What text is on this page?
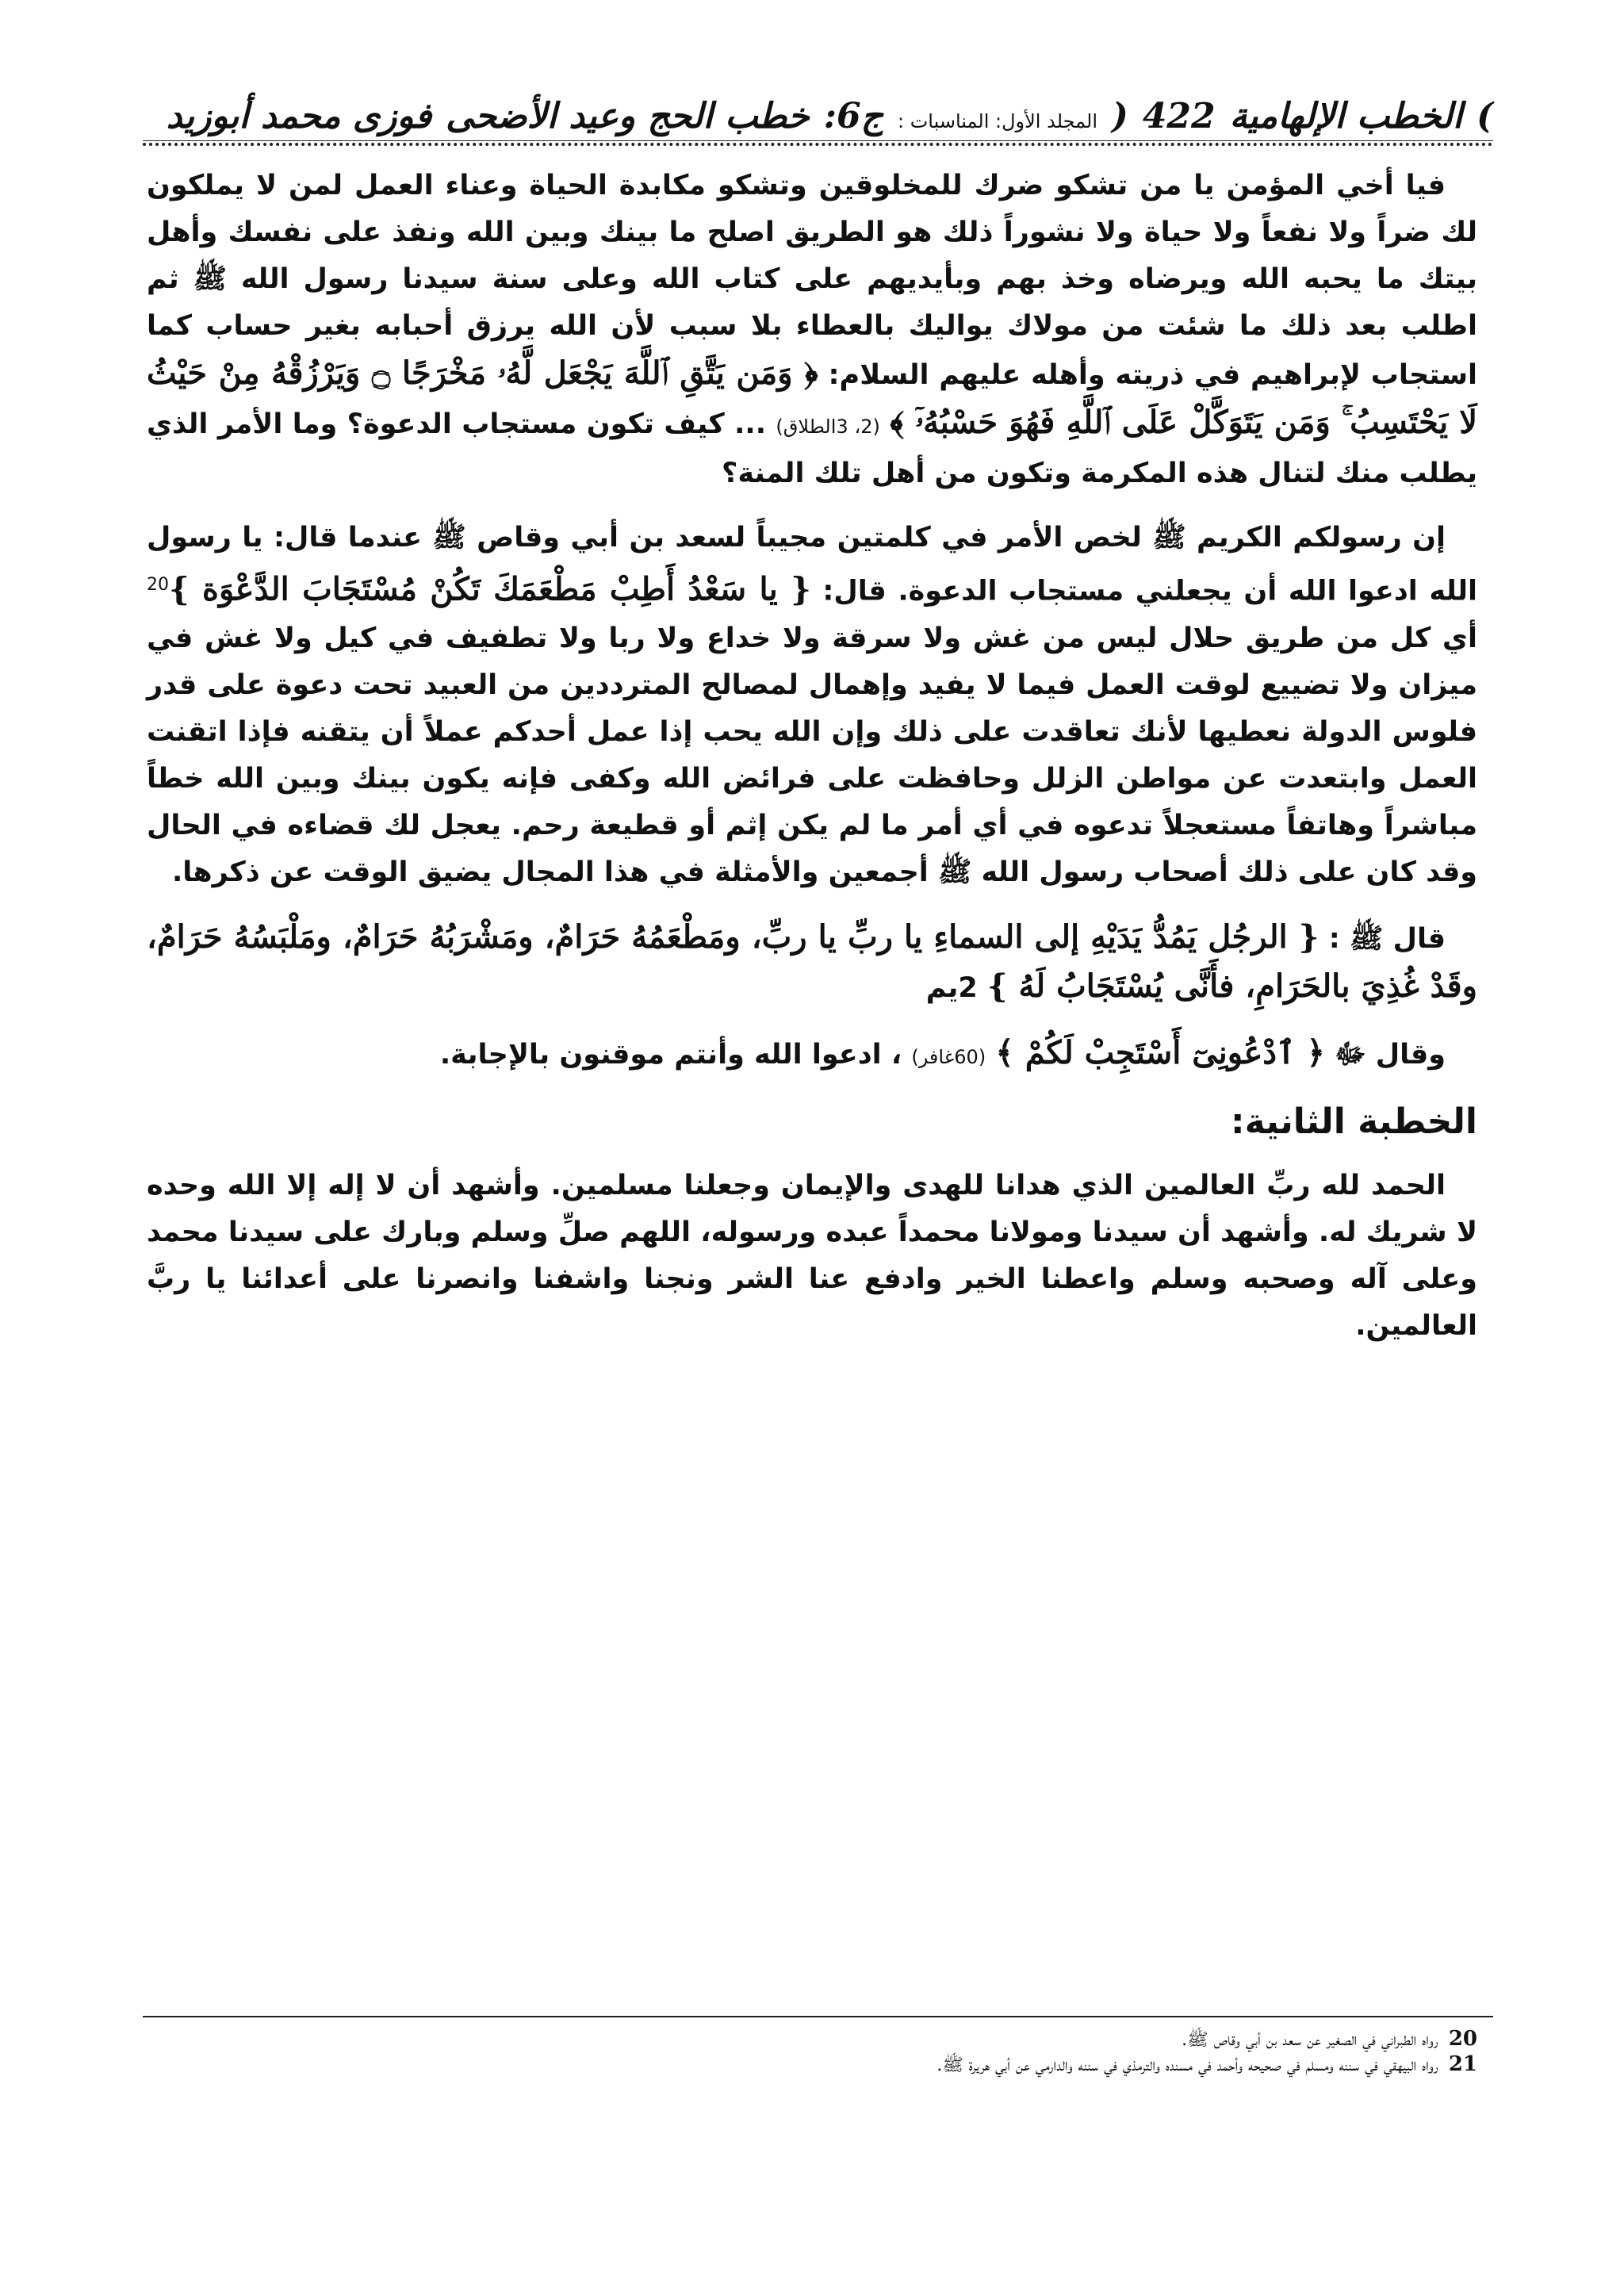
)
الخطب الإلهامية
422
(
المجلد الأول: المناسبات :
ج6:
خطب الحج وعيد الأضحى
فوزى محمد أبوزيد

فيا أخي المؤمن يا من تشكو ضرك للمخلوقين وتشكو مكابدة الحياة وعناء العمل لمن لا يملكون لك ضراً ولا نفعاً ولا حياة ولا نشوراً ذلك هو الطريق اصلح ما بينك وبين الله ونفذ على نفسك وأهل بيتك ما يحبه الله ويرضاه وخذ بهم وبأيديهم على كتاب الله وعلى سنة سيدنا رسول الله ﷺ ثم اطلب بعد ذلك ما شئت من مولاك يواليك بالعطاء بلا سبب لأن الله يرزق أحبابه بغير حساب كما استجاب لإبراهيم في ذريته وأهله عليهم السلام: ﴿ وَمَن يَتَّقِ ٱللَّهَ يَجْعَل لَّهُۥ مَخْرَجًا ۝ وَيَرْزُقْهُ مِنْ حَيْثُ لَا يَحْتَسِبُ ۚ وَمَن يَتَوَكَّلْ عَلَى ٱللَّهِ فَهُوَ حَسْبُهُۥٓ ﴾ (2، 3الطلاق) ... كيف تكون مستجاب الدعوة؟ وما الأمر الذي يطلب منك لتنال هذه المكرمة وتكون من أهل تلك المنة؟

إن رسولكم الكريم ﷺ لخص الأمر في كلمتين مجيباً لسعد بن أبي وقاص ﷺ عندما قال: يا رسول الله ادعوا الله أن يجعلني مستجاب الدعوة. قال: { يا سَعْدُ أَطِبْ مَطْعَمَكَ تَكُنْ مُسْتَجَابَ الدَّعْوَة }$^{20}$ أي كل من طريق حلال ليس من غش ولا سرقة ولا خداع ولا ربا ولا تطفيف في كيل ولا غش في ميزان ولا تضييع لوقت العمل فيما لا يفيد وإهمال لمصالح المترددين من العبيد تحت دعوة على قدر فلوس الدولة نعطيها لأنك تعاقدت على ذلك وإن الله يحب إذا عمل أحدكم عملاً أن يتقنه فإذا اتقنت العمل وابتعدت عن مواطن الزلل وحافظت على فرائض الله وكفى فإنه يكون بينك وبين الله خطاً مباشراً وهاتفاً مستعجلاً تدعوه في أي أمر ما لم يكن إثم أو قطيعة رحم. يعجل لك قضاءه في الحال وقد كان على ذلك أصحاب رسول الله ﷺ أجمعين والأمثلة في هذا المجال يضيق الوقت عن ذكرها.

قال ﷺ : { الرجُل يَمُدُّ يَدَيْهِ إلى السماءِ يا ربِّ يا ربِّ، ومَطْعَمُهُ حَرَامٌ، ومَشْرَبُهُ حَرَامٌ، ومَلْبَسُهُ حَرَامٌ، وقَدْ غُذِيَ بالحَرَامِ، فأَنَّى يُسْتَجَابُ لَهُ } 2يم

وقال ﷻ ﴿ ٱدْعُونِىٓ أَسْتَجِبْ لَكُمْ ﴾ (60غافر) ، ادعوا الله وأنتم موقنون بالإجابة.

الخطبة الثانية:

الحمد لله ربِّ العالمين الذي هدانا للهدى والإيمان وجعلنا مسلمين. وأشهد أن لا إله إلا الله وحده لا شريك له. وأشهد أن سيدنا ومولانا محمداً عبده ورسوله، اللهم صلِّ وسلم وبارك على سيدنا محمد وعلى آله وصحبه وسلم واعطنا الخير وادفع عنا الشر ونجنا واشفنا وانصرنا على أعدائنا يا ربَّ العالمين.

20 رواه الطبراني في الصغير عن سعد بن أبي وقاص ﷺ.
21 رواه البيهقي في سننه ومسلم في صحيحه وأحمد في مسنده والترمذي في سننه والدارمي عن أبي هريرة ﷺ.
